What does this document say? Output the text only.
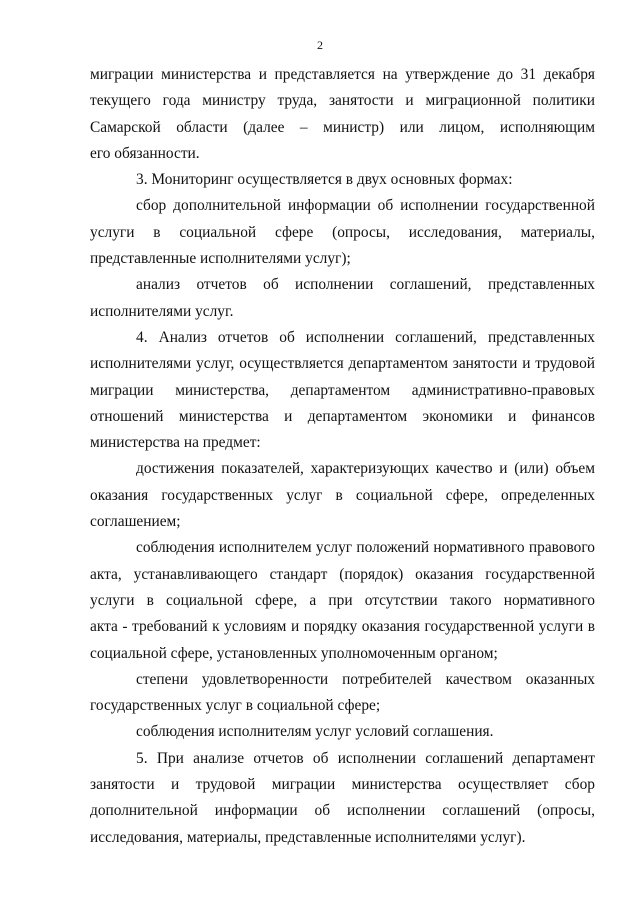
2
миграции министерства и представляется на утверждение до 31 декабря
текущего года министру труда, занятости и миграционной политики
Самарской области (далее – министр) или лицом, исполняющим
его обязанности.
3. Мониторинг осуществляется в двух основных формах:
сбор дополнительной информации об исполнении государственной
услуги в социальной сфере (опросы, исследования, материалы,
представленные исполнителями услуг);
анализ отчетов об исполнении соглашений, представленных
исполнителями услуг.
4. Анализ отчетов об исполнении соглашений, представленных
исполнителями услуг, осуществляется департаментом занятости и трудовой
миграции министерства, департаментом административно-правовых
отношений министерства и департаментом экономики и финансов
министерства на предмет:
достижения показателей, характеризующих качество и (или) объем
оказания государственных услуг в социальной сфере, определенных
соглашением;
соблюдения исполнителем услуг положений нормативного правового
акта, устанавливающего стандарт (порядок) оказания государственной
услуги в социальной сфере, а при отсутствии такого нормативного
акта - требований к условиям и порядку оказания государственной услуги в
социальной сфере, установленных уполномоченным органом;
степени удовлетворенности потребителей качеством оказанных
государственных услуг в социальной сфере;
соблюдения исполнителям услуг условий соглашения.
5. При анализе отчетов об исполнении соглашений департамент
занятости и трудовой миграции министерства осуществляет сбор
дополнительной информации об исполнении соглашений (опросы,
исследования, материалы, представленные исполнителями услуг).
